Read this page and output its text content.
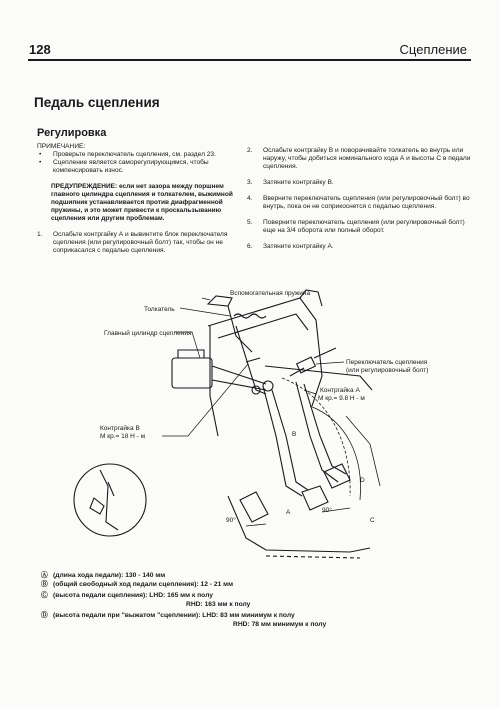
128	Сцепление
Педаль сцепления
Регулировка
ПРИМЕЧАНИЕ:
• Проверьте переключатель сцепления, см. раздел 23.
• Сцепление является саморегулирующимся, чтобы компенсировать износ.
ПРЕДУПРЕЖДЕНИЕ: если нет зазора между поршнем главного цилиндра сцепления и толкателем, выжимной подшипник устанавливается против диафрагменной пружины, и это может привести к проскальзыванию сцепления или другим проблемам.
1. Ослабьте контргайку А и вывинтите блок переключателя сцепления (или регулировочный болт) так, чтобы он не соприкасался с педалью сцепления.
2. Ослабьте контргайку В и поворачивайте толкатель во внутрь или наружу, чтобы добиться номинального хода А и высоты С в педали сцепления.
3. Затяните контргайку В.
4. Вверните переключатель сцепления (или регулировочный болт) во внутрь, пока он не соприкоснется с педалью сцепления.
5. Поверните переключатель сцепления (или регулировочный болт) еще на 3/4 оборота или полный оборот.
6. Затяните контргайку А.
Вспомогательная пружина
Толкатель
Главный цилиндр сцепления
Переключатель сцепления
(или регулировочный болт)
Контргайка А
М кр.= 9.8 Н - м
Контргайка В
М кр.= 18 Н - м
90°
90°
A
B
C
D
Ⓐ (длина хода педали): 130 - 140 мм
Ⓑ (общий свободный ход педали сцепления): 12 - 21 мм
Ⓒ (высота педали сцепления): LHD: 165 мм к полу
RHD: 163 мм к полу
Ⓓ (высота педали при "выжатом "сцеплении): LHD: 83 мм минимум к полу
RHD: 78 мм минимум к полу
